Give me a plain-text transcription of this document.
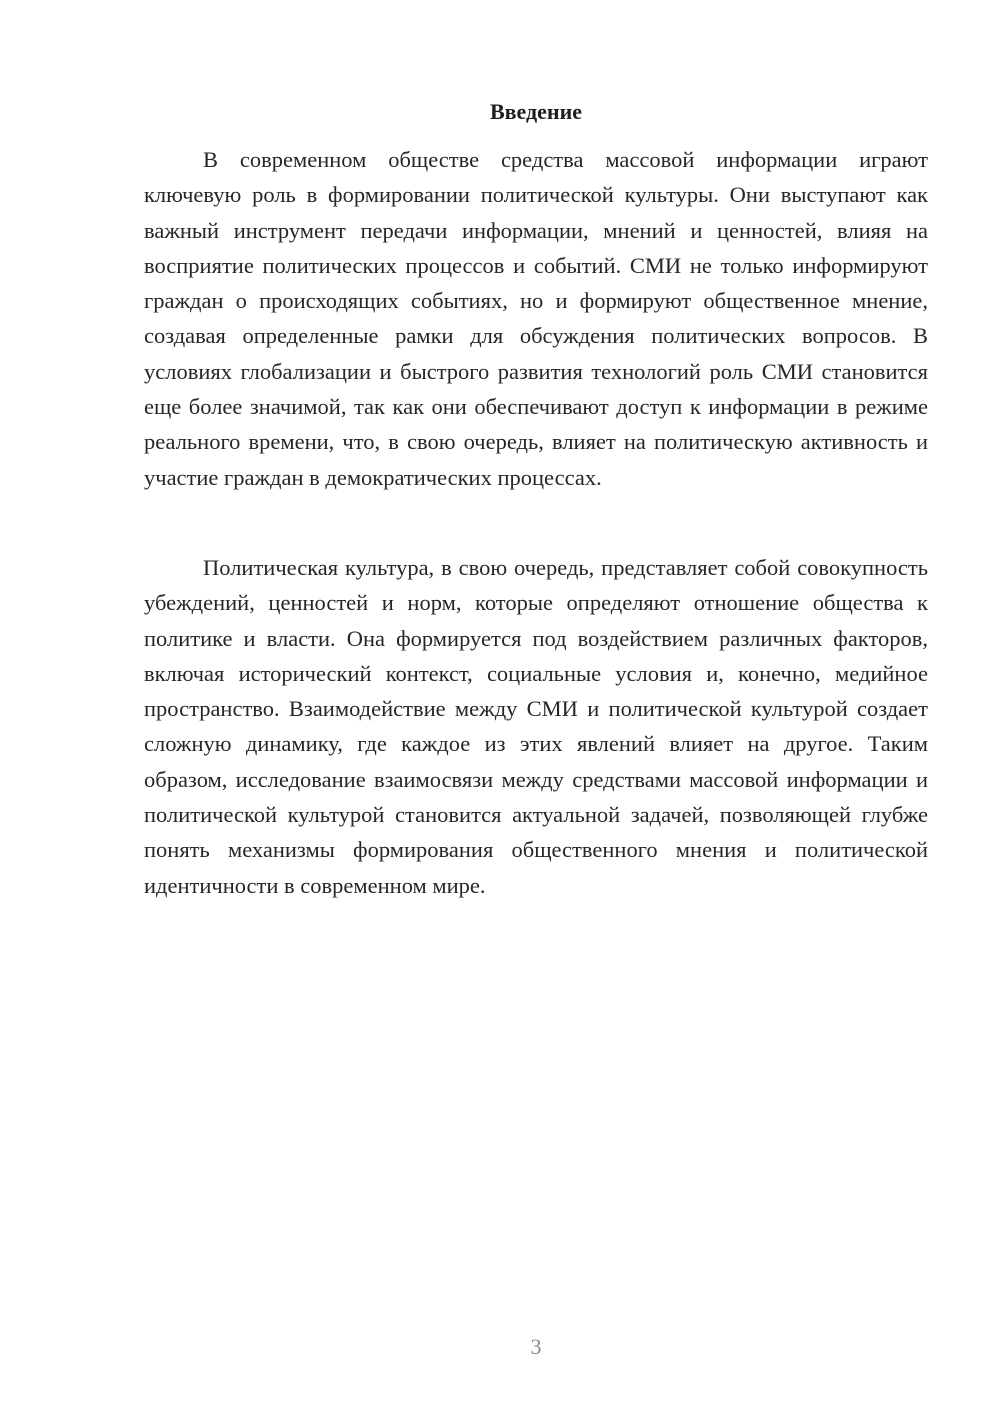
Введение

В современном обществе средства массовой информации играют ключевую роль в формировании политической культуры. Они выступают как важный инструмент передачи информации, мнений и ценностей, влияя на восприятие политических процессов и событий. СМИ не только информируют граждан о происходящих событиях, но и формируют общественное мнение, создавая определенные рамки для обсуждения политических вопросов. В условиях глобализации и быстрого развития технологий роль СМИ становится еще более значимой, так как они обеспечивают доступ к информации в режиме реального времени, что, в свою очередь, влияет на политическую активность и участие граждан в демократических процессах.

Политическая культура, в свою очередь, представляет собой совокупность убеждений, ценностей и норм, которые определяют отношение общества к политике и власти. Она формируется под воздействием различных факторов, включая исторический контекст, социальные условия и, конечно, медийное пространство. Взаимодействие между СМИ и политической культурой создает сложную динамику, где каждое из этих явлений влияет на другое. Таким образом, исследование взаимосвязи между средствами массовой информации и политической культурой становится актуальной задачей, позволяющей глубже понять механизмы формирования общественного мнения и политической идентичности в современном мире.

3
